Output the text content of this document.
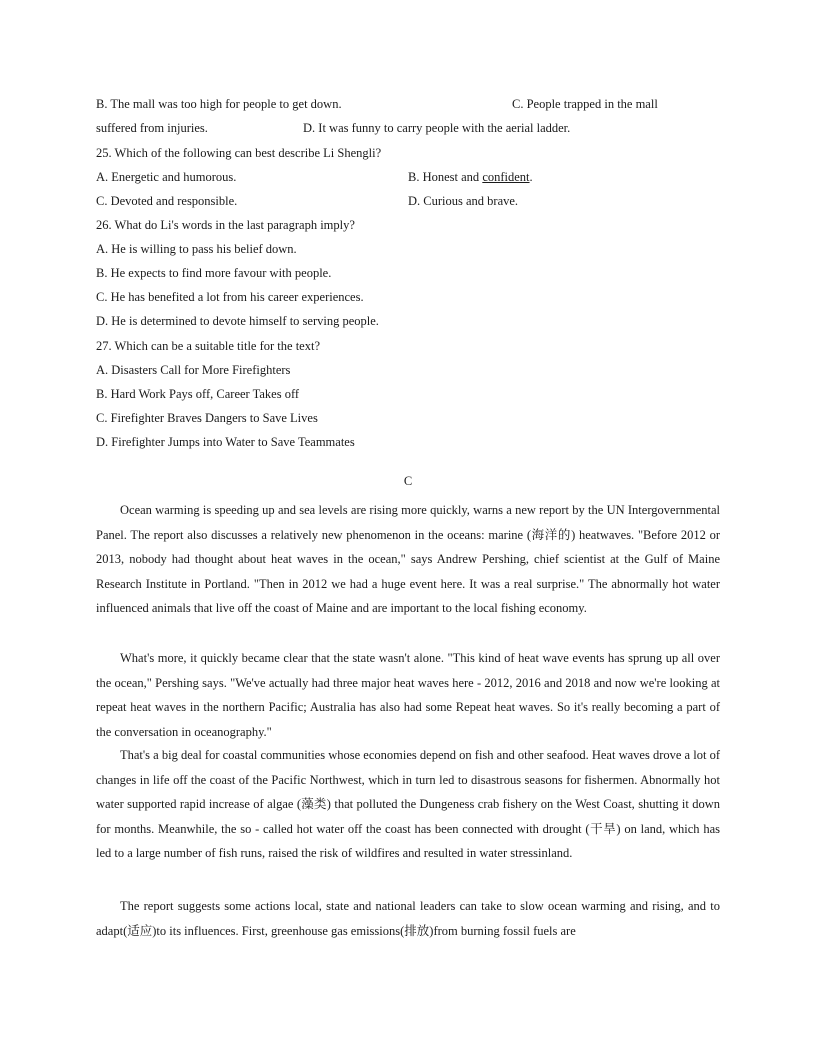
B. The mall was too high for people to get down.	C. People trapped in the mall
suffered from injuries.	D. It was funny to carry people with the aerial ladder.
25. Which of the following can best describe Li Shengli?
A. Energetic and humorous.	B. Honest and confident.
C. Devoted and responsible.	D. Curious and brave.
26. What do Li's words in the last paragraph imply?
A. He is willing to pass his belief down.
B. He expects to find more favour with people.
C. He has benefited a lot from his career experiences.
D. He is determined to devote himself to serving people.
27. Which can be a suitable title for the text?
A. Disasters Call for More Firefighters
B. Hard Work Pays off, Career Takes off
C. Firefighter Braves Dangers to Save Lives
D. Firefighter Jumps into Water to Save Teammates
C
Ocean warming is speeding up and sea levels are rising more quickly, warns a new report by the UN Intergovernmental Panel. The report also discusses a relatively new phenomenon in the oceans: marine (海洋的) heatwaves. "Before 2012 or 2013, nobody had thought about heat waves in the ocean," says Andrew Pershing, chief scientist at the Gulf of Maine Research Institute in Portland. "Then in 2012 we had a huge event here. It was a real surprise." The abnormally hot water influenced animals that live off the coast of Maine and are important to the local fishing economy.
What's more, it quickly became clear that the state wasn't alone. "This kind of heat wave events has sprung up all over the ocean," Pershing says. "We've actually had three major heat waves here - 2012, 2016 and 2018 and now we're looking at repeat heat waves in the northern Pacific; Australia has also had some Repeat heat waves. So it's really becoming a part of the conversation in oceanography."
That's a big deal for coastal communities whose economies depend on fish and other seafood. Heat waves drove a lot of changes in life off the coast of the Pacific Northwest, which in turn led to disastrous seasons for fishermen. Abnormally hot water supported rapid increase of algae (藻类) that polluted the Dungeness crab fishery on the West Coast, shutting it down for months. Meanwhile, the so - called hot water off the coast has been connected with drought (干旱) on land, which has led to a large number of fish runs, raised the risk of wildfires and resulted in water stressinland.
The report suggests some actions local, state and national leaders can take to slow ocean warming and rising, and to adapt(适应)to its influences. First, greenhouse gas emissions(排放)from burning fossil fuels are
